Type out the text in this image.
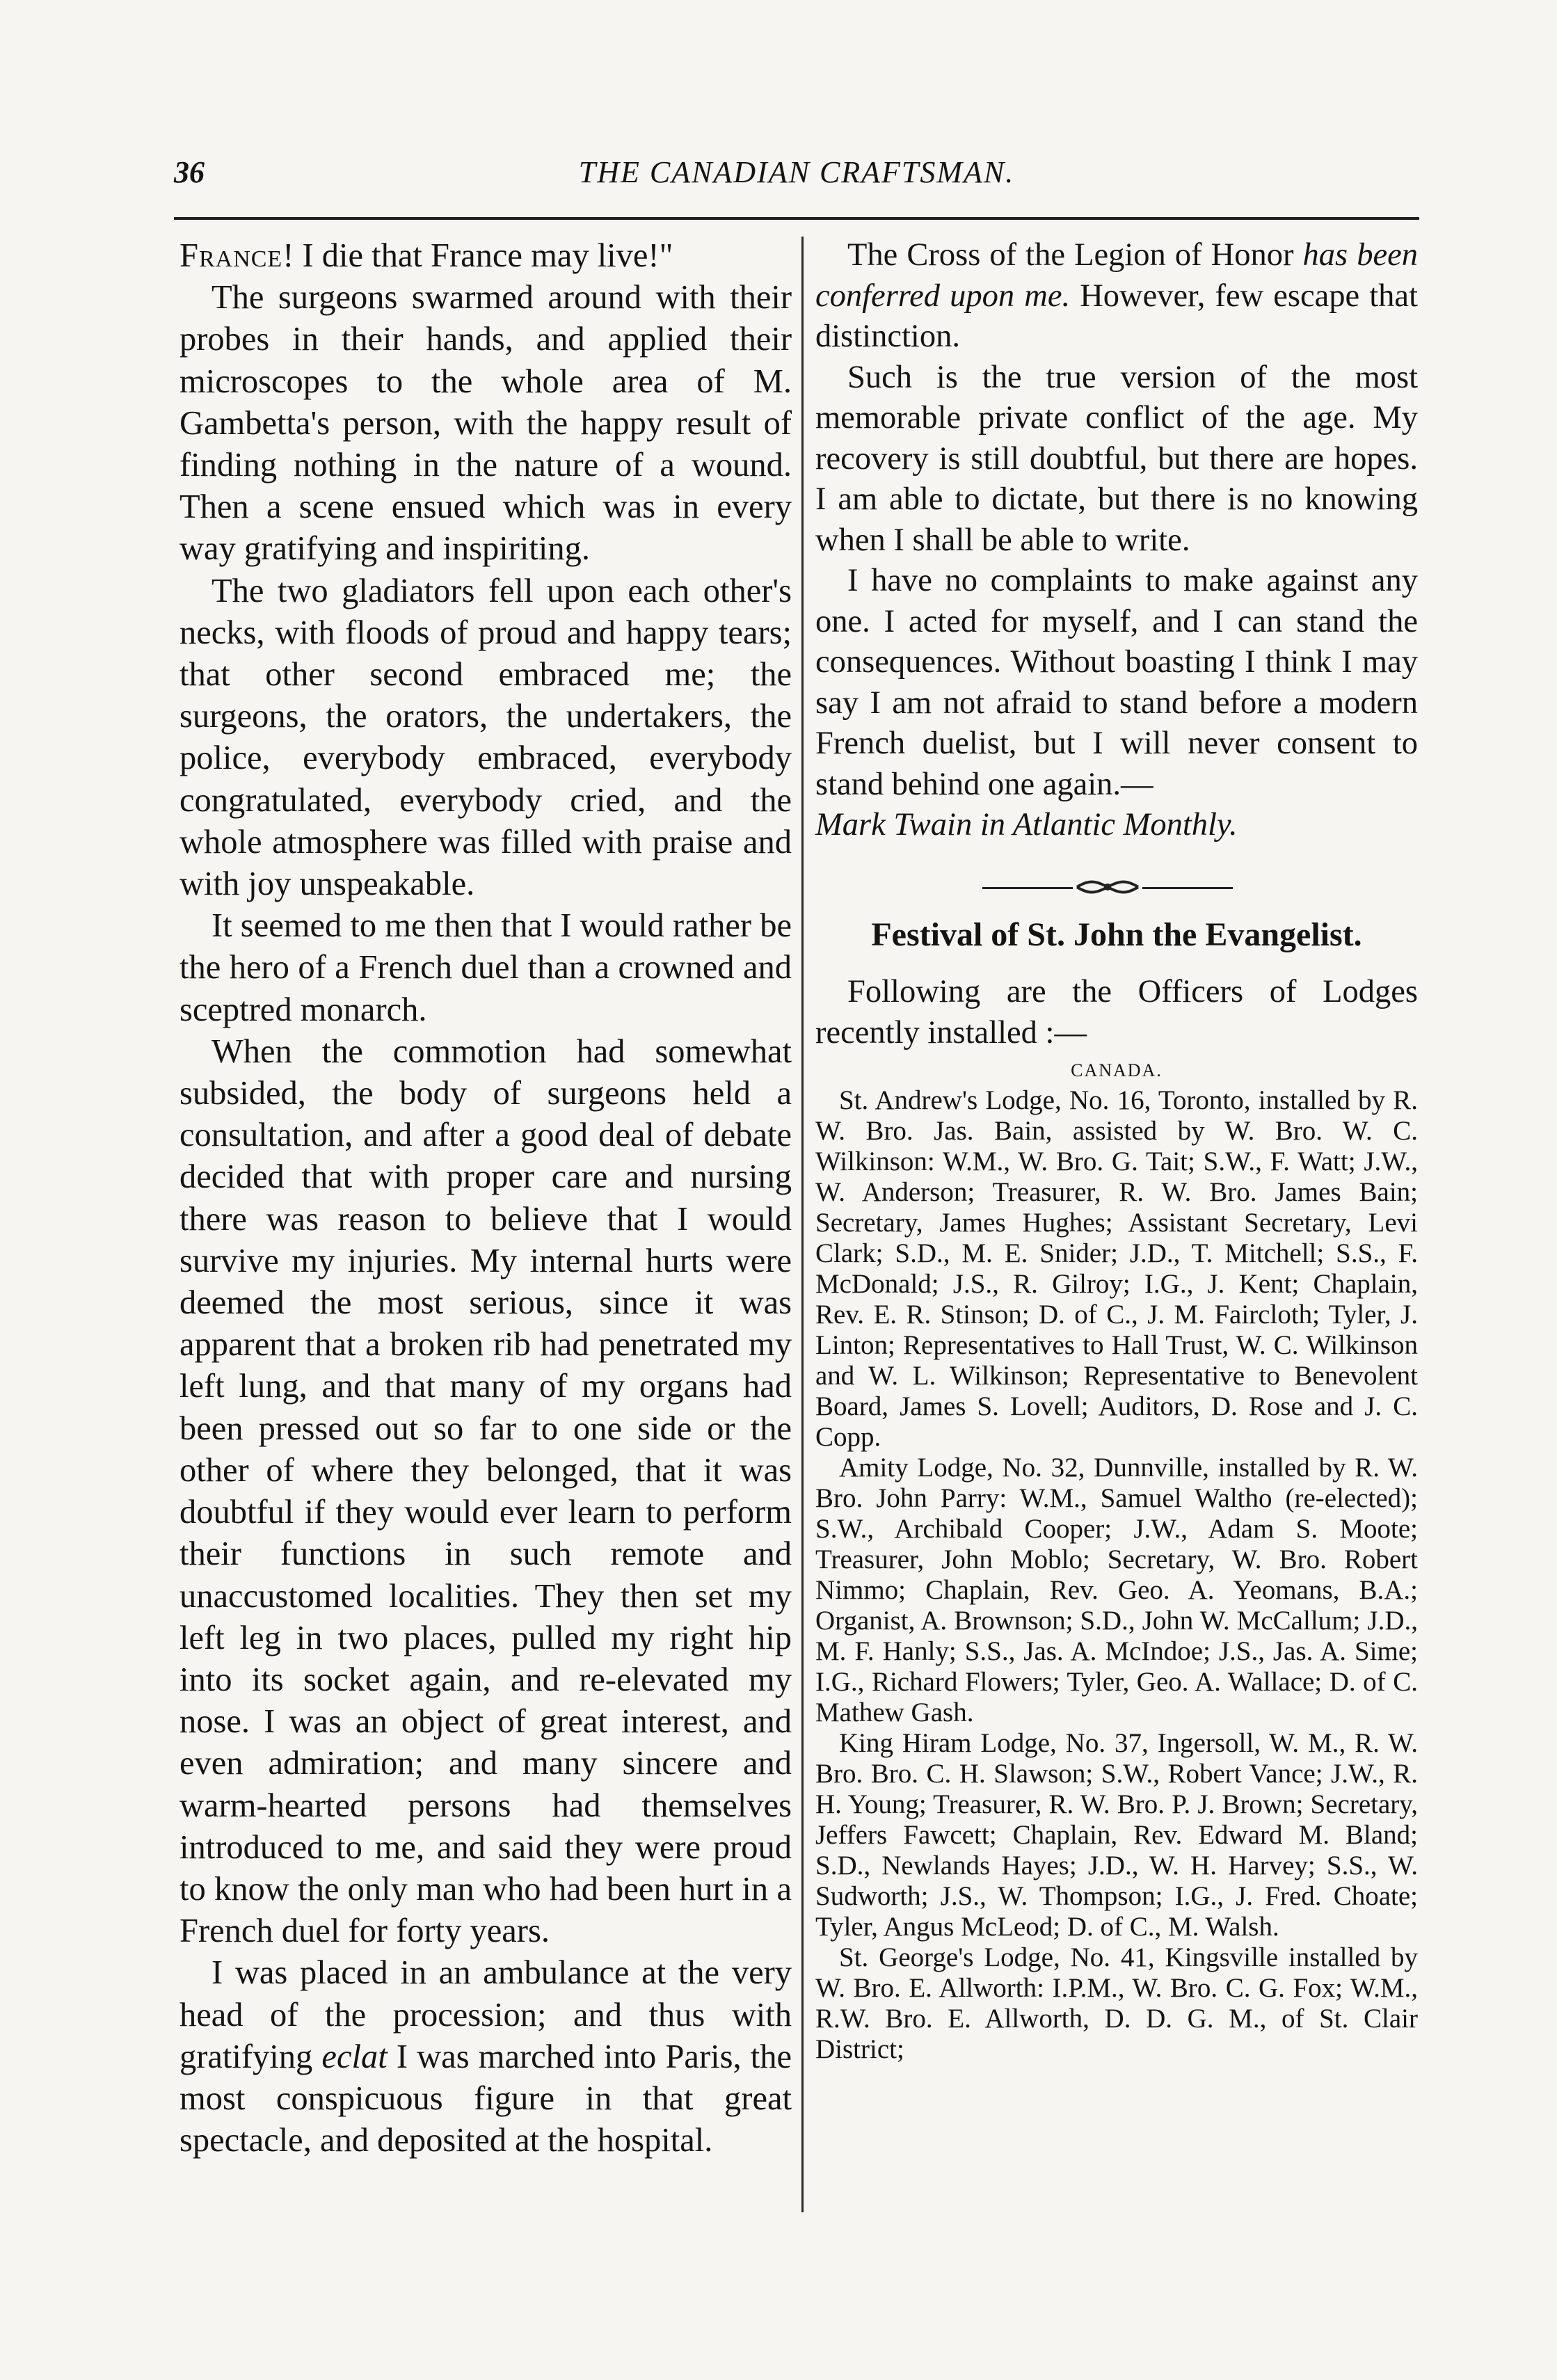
36	THE CANADIAN CRAFTSMAN.

France! I die that France may live!"

The surgeons swarmed around with their probes in their hands, and applied their microscopes to the whole area of M. Gambetta's person, with the happy result of finding nothing in the nature of a wound. Then a scene ensued which was in every way gratifying and inspiriting.

The two gladiators fell upon each other's necks, with floods of proud and happy tears; that other second embraced me; the surgeons, the orators, the undertakers, the police, everybody embraced, everybody congratulated, everybody cried, and the whole atmosphere was filled with praise and with joy unspeakable.

It seemed to me then that I would rather be the hero of a French duel than a crowned and sceptred monarch.

When the commotion had somewhat subsided, the body of surgeons held a consultation, and after a good deal of debate decided that with proper care and nursing there was reason to believe that I would survive my injuries. My internal hurts were deemed the most serious, since it was apparent that a broken rib had penetrated my left lung, and that many of my organs had been pressed out so far to one side or the other of where they belonged, that it was doubtful if they would ever learn to perform their functions in such remote and unaccustomed localities. They then set my left leg in two places, pulled my right hip into its socket again, and re-elevated my nose. I was an object of great interest, and even admiration; and many sincere and warm-hearted persons had themselves introduced to me, and said they were proud to know the only man who had been hurt in a French duel for forty years.

I was placed in an ambulance at the very head of the procession; and thus with gratifying eclat I was marched into Paris, the most conspicuous figure in that great spectacle, and deposited at the hospital.

The Cross of the Legion of Honor has been conferred upon me. However, few escape that distinction.

Such is the true version of the most memorable private conflict of the age. My recovery is still doubtful, but there are hopes. I am able to dictate, but there is no knowing when I shall be able to write.

I have no complaints to make against any one. I acted for myself, and I can stand the consequences. Without boasting I think I may say I am not afraid to stand before a modern French duelist, but I will never consent to stand behind one again.—

Mark Twain in Atlantic Monthly.

Festival of St. John the Evangelist.

Following are the Officers of Lodges recently installed :—

CANADA.

St. Andrew's Lodge, No. 16, Toronto, installed by R. W. Bro. Jas. Bain, assisted by W. Bro. W. C. Wilkinson: W.M., W. Bro. G. Tait; S.W., F. Watt; J.W., W. Anderson; Treasurer, R. W. Bro. James Bain; Secretary, James Hughes; Assistant Secretary, Levi Clark; S.D., M. E. Snider; J.D., T. Mitchell; S.S., F. McDonald; J.S., R. Gilroy; I.G., J. Kent; Chaplain, Rev. E. R. Stinson; D. of C., J. M. Faircloth; Tyler, J. Linton; Representatives to Hall Trust, W. C. Wilkinson and W. L. Wilkinson; Representative to Benevolent Board, James S. Lovell; Auditors, D. Rose and J. C. Copp.

Amity Lodge, No. 32, Dunnville, installed by R. W. Bro. John Parry: W.M., Samuel Waltho (re-elected); S.W., Archibald Cooper; J.W., Adam S. Moote; Treasurer, John Moblo; Secretary, W. Bro. Robert Nimmo; Chaplain, Rev. Geo. A. Yeomans, B.A.; Organist, A. Brownson; S.D., John W. McCallum; J.D., M. F. Hanly; S.S., Jas. A. McIndoe; J.S., Jas. A. Sime; I.G., Richard Flowers; Tyler, Geo. A. Wallace; D. of C. Mathew Gash.

King Hiram Lodge, No. 37, Ingersoll, W. M., R. W. Bro. Bro. C. H. Slawson; S.W., Robert Vance; J.W., R. H. Young; Treasurer, R. W. Bro. P. J. Brown; Secretary, Jeffers Fawcett; Chaplain, Rev. Edward M. Bland; S.D., Newlands Hayes; J.D., W. H. Harvey; S.S., W. Sudworth; J.S., W. Thompson; I.G., J. Fred. Choate; Tyler, Angus McLeod; D. of C., M. Walsh.

St. George's Lodge, No. 41, Kingsville installed by W. Bro. E. Allworth: I.P.M., W. Bro. C. G. Fox; W.M., R.W. Bro. E. Allworth, D. D. G. M., of St. Clair District;
